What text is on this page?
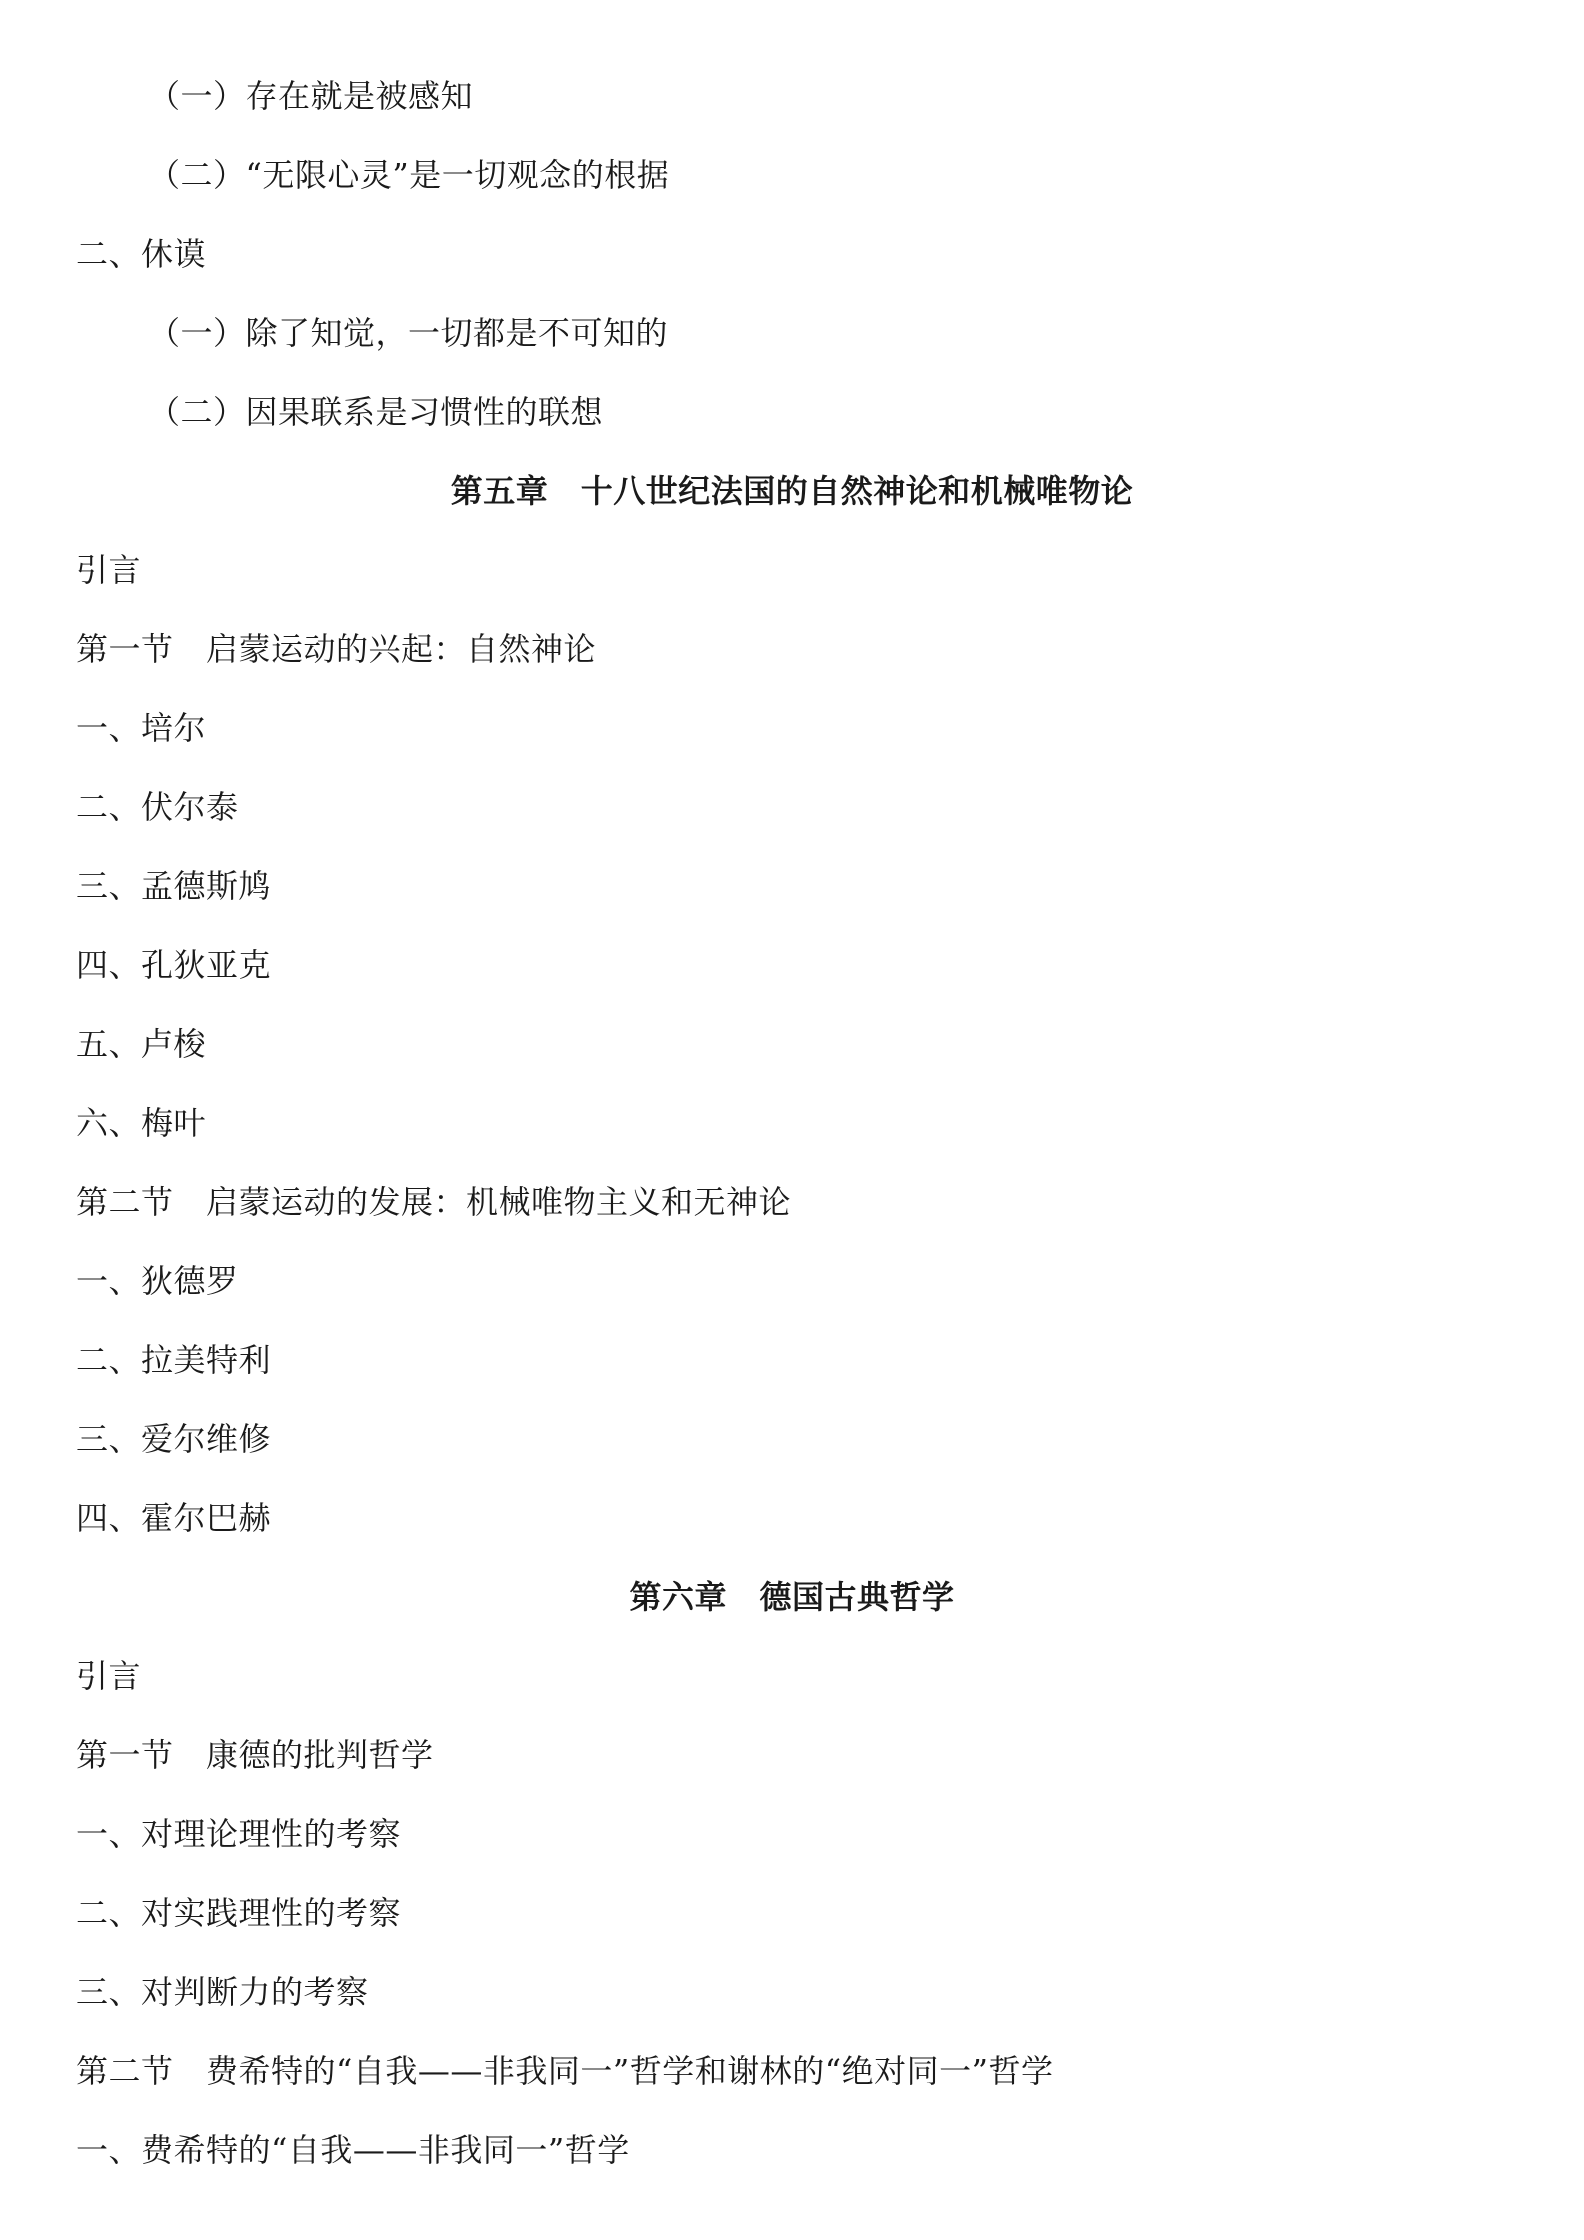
（一）存在就是被感知
（二）“无限心灵”是一切观念的根据
二、休谟
（一）除了知觉，一切都是不可知的
（二）因果联系是习惯性的联想
第五章　十八世纪法国的自然神论和机械唯物论
引言
第一节　启蒙运动的兴起：自然神论
一、培尔
二、伏尔泰
三、孟德斯鸠
四、孔狄亚克
五、卢梭
六、梅叶
第二节　启蒙运动的发展：机械唯物主义和无神论
一、狄德罗
二、拉美特利
三、爱尔维修
四、霍尔巴赫
第六章　德国古典哲学
引言
第一节　康德的批判哲学
一、对理论理性的考察
二、对实践理性的考察
三、对判断力的考察
第二节　费希特的“自我——非我同一”哲学和谢林的“绝对同一”哲学
一、费希特的“自我——非我同一”哲学
